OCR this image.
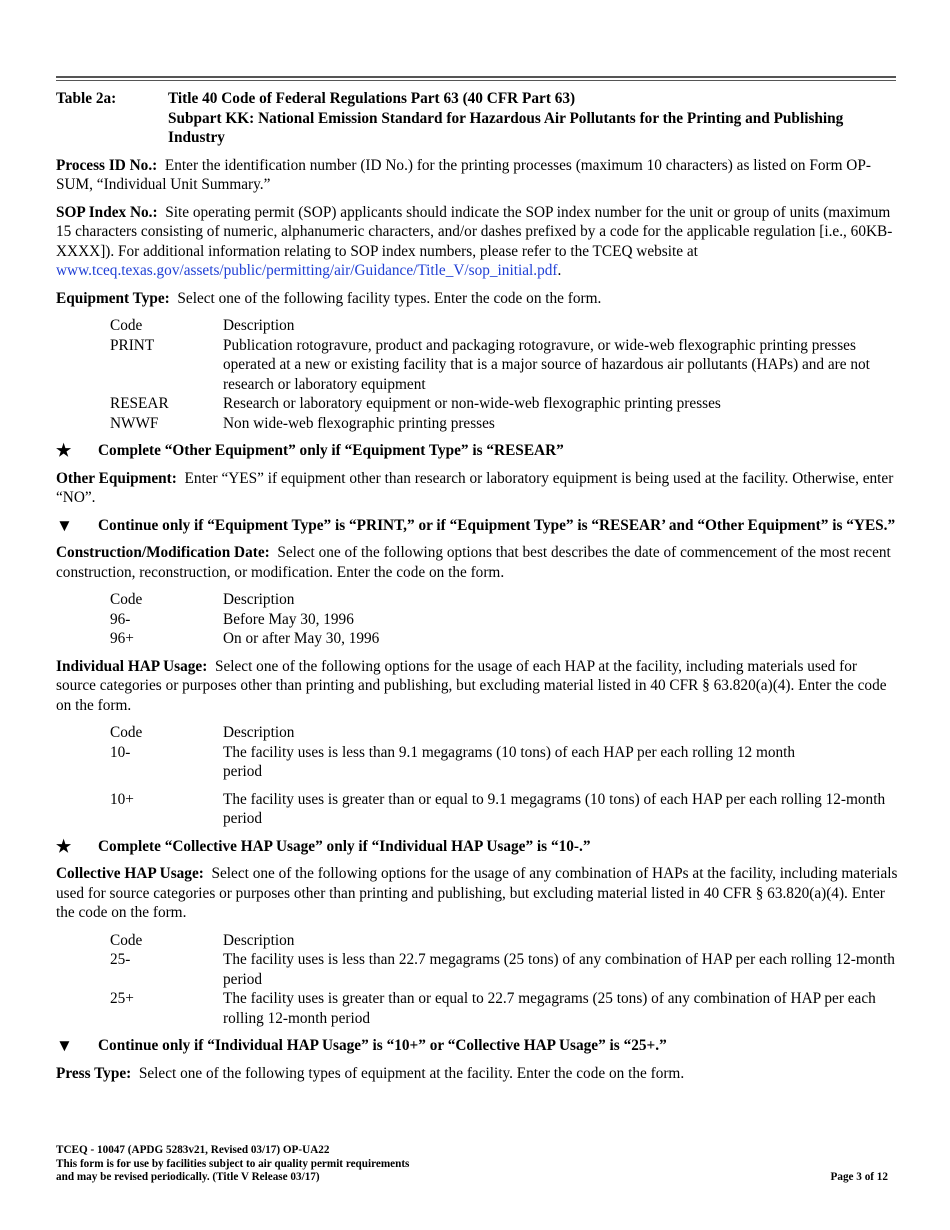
Table 2a:	Title 40 Code of Federal Regulations Part 63 (40 CFR Part 63)
Subpart KK: National Emission Standard for Hazardous Air Pollutants for the Printing and Publishing Industry

Process ID No.: Enter the identification number (ID No.) for the printing processes (maximum 10 characters) as listed on Form OP-SUM, “Individual Unit Summary.”

SOP Index No.: Site operating permit (SOP) applicants should indicate the SOP index number for the unit or group of units (maximum 15 characters consisting of numeric, alphanumeric characters, and/or dashes prefixed by a code for the applicable regulation [i.e., 60KB-XXXX]). For additional information relating to SOP index numbers, please refer to the TCEQ website at www.tceq.texas.gov/assets/public/permitting/air/Guidance/Title_V/sop_initial.pdf.

Equipment Type: Select one of the following facility types. Enter the code on the form.

Code	Description
PRINT	Publication rotogravure, product and packaging rotogravure, or wide-web flexographic printing presses operated at a new or existing facility that is a major source of hazardous air pollutants (HAPs) and are not research or laboratory equipment
RESEAR	Research or laboratory equipment or non-wide-web flexographic printing presses
NWWF	Non wide-web flexographic printing presses
★	Complete “Other Equipment” only if “Equipment Type” is “RESEAR”

Other Equipment: Enter “YES” if equipment other than research or laboratory equipment is being used at the facility. Otherwise, enter “NO”.

▼	Continue only if “Equipment Type” is “PRINT,” or if “Equipment Type” is “RESEAR’ and “Other Equipment” is “YES.”

Construction/Modification Date: Select one of the following options that best describes the date of commencement of the most recent construction, reconstruction, or modification. Enter the code on the form.

Code	Description
96-	Before May 30, 1996
96+	On or after May 30, 1996

Individual HAP Usage: Select one of the following options for the usage of each HAP at the facility, including materials used for source categories or purposes other than printing and publishing, but excluding material listed in 40 CFR § 63.820(a)(4). Enter the code on the form.

Code	Description
10-	The facility uses is less than 9.1 megagrams (10 tons) of each HAP per each rolling 12 month period
10+	The facility uses is greater than or equal to 9.1 megagrams (10 tons) of each HAP per each rolling 12-month period
★	Complete “Collective HAP Usage” only if “Individual HAP Usage” is “10-.”

Collective HAP Usage: Select one of the following options for the usage of any combination of HAPs at the facility, including materials used for source categories or purposes other than printing and publishing, but excluding material listed in 40 CFR § 63.820(a)(4). Enter the code on the form.

Code	Description
25-	The facility uses is less than 22.7 megagrams (25 tons) of any combination of HAP per each rolling 12-month period
25+	The facility uses is greater than or equal to 22.7 megagrams (25 tons) of any combination of HAP per each rolling 12-month period
▼	Continue only if “Individual HAP Usage” is “10+” or “Collective HAP Usage” is “25+.”

Press Type: Select one of the following types of equipment at the facility. Enter the code on the form.

TCEQ - 10047 (APDG 5283v21, Revised 03/17) OP-UA22
This form is for use by facilities subject to air quality permit requirements
and may be revised periodically. (Title V Release 03/17)	Page 3 of 12
